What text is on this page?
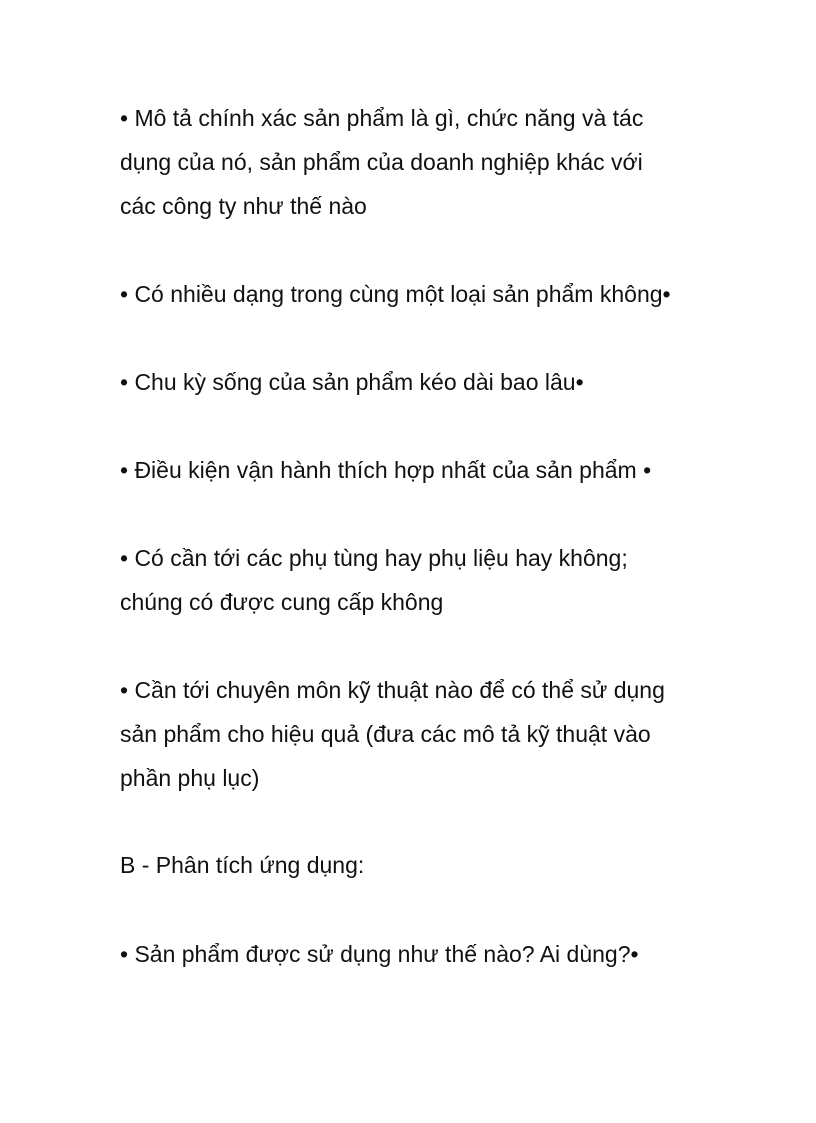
• Mô tả chính xác sản phẩm là gì, chức năng và tác
dụng của nó, sản phẩm của doanh nghiệp khác với
các công ty như thế nào

• Có nhiều dạng trong cùng một loại sản phẩm không•

• Chu kỳ sống của sản phẩm kéo dài bao lâu•

• Điều kiện vận hành thích hợp nhất của sản phẩm •

• Có cần tới các phụ tùng hay phụ liệu hay không;
chúng có được cung cấp không

• Cần tới chuyên môn kỹ thuật nào để có thể sử dụng
sản phẩm cho hiệu quả (đưa các mô tả kỹ thuật vào
phần phụ lục)

B - Phân tích ứng dụng:

• Sản phẩm được sử dụng như thế nào? Ai dùng?•
